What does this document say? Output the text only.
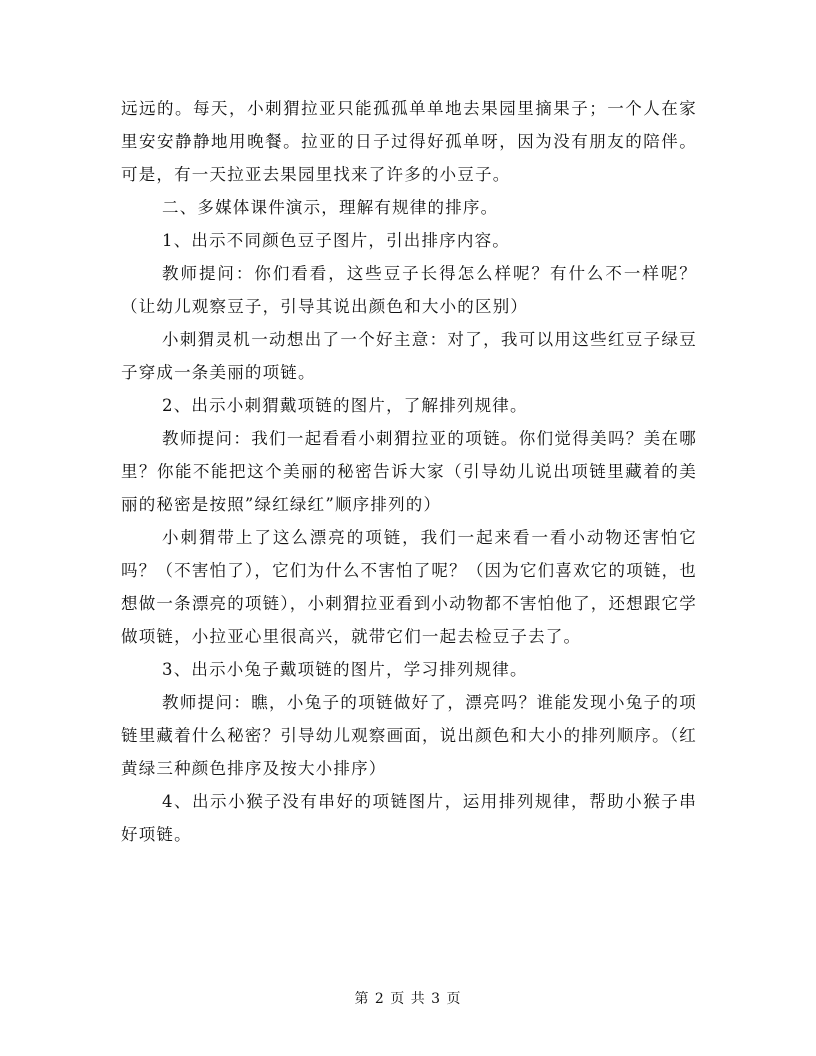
远远的。每天，小刺猬拉亚只能孤孤单单地去果园里摘果子；一个人在家里安安静静地用晚餐。拉亚的日子过得好孤单呀，因为没有朋友的陪伴。可是，有一天拉亚去果园里找来了许多的小豆子。

二、多媒体课件演示，理解有规律的排序。

1、出示不同颜色豆子图片，引出排序内容。

教师提问：你们看看，这些豆子长得怎么样呢？有什么不一样呢？（让幼儿观察豆子，引导其说出颜色和大小的区别）

小刺猬灵机一动想出了一个好主意：对了，我可以用这些红豆子绿豆子穿成一条美丽的项链。

2、出示小刺猬戴项链的图片，了解排列规律。

教师提问：我们一起看看小刺猬拉亚的项链。你们觉得美吗？美在哪里？你能不能把这个美丽的秘密告诉大家（引导幼儿说出项链里藏着的美丽的秘密是按照”绿红绿红”顺序排列的）

小刺猬带上了这么漂亮的项链，我们一起来看一看小动物还害怕它吗？（不害怕了），它们为什么不害怕了呢？（因为它们喜欢它的项链，也想做一条漂亮的项链），小刺猬拉亚看到小动物都不害怕他了，还想跟它学做项链，小拉亚心里很高兴，就带它们一起去检豆子去了。

3、出示小兔子戴项链的图片，学习排列规律。

教师提问：瞧，小兔子的项链做好了，漂亮吗？谁能发现小兔子的项链里藏着什么秘密？引导幼儿观察画面，说出颜色和大小的排列顺序。（红黄绿三种颜色排序及按大小排序）

4、出示小猴子没有串好的项链图片，运用排列规律，帮助小猴子串好项链。

第 2 页 共 3 页
